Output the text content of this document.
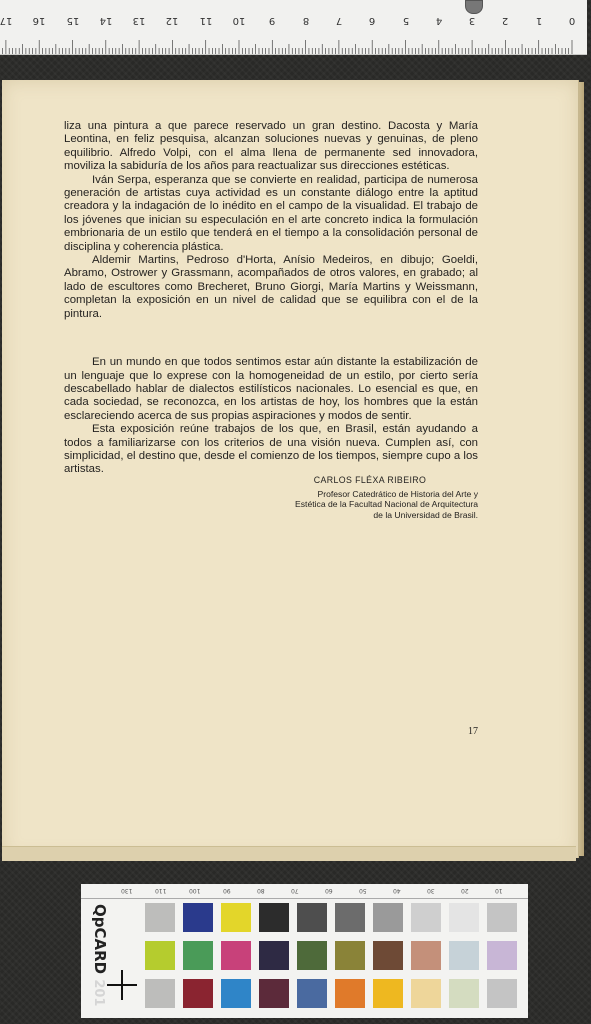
17	16	15	14	13	12	11	10	9	8	7	6	5	4	3	2	1	0

liza una pintura a que parece reservado un gran destino. Dacosta y María Leontina, en feliz pesquisa, alcanzan soluciones nuevas y genuinas, de pleno equilibrio. Alfredo Volpi, con el alma llena de permanente sed innovadora, moviliza la sabiduría de los años para reactualizar sus direcciones estéticas.

Iván Serpa, esperanza que se convierte en realidad, participa de numerosa generación de artistas cuya actividad es un constante diálogo entre la aptitud creadora y la indagación de lo inédito en el campo de la visualidad. El trabajo de los jóvenes que inician su especulación en el arte concreto indica la formulación embrionaria de un estilo que tenderá en el tiempo a la consolidación personal de disciplina y coherencia plástica.

Aldemir Martins, Pedroso d'Horta, Anísio Medeiros, en dibujo; Goeldi, Abramo, Ostrower y Grassmann, acompañados de otros valores, en grabado; al lado de escultores como Brecheret, Bruno Giorgi, María Martins y Weissmann, completan la exposición en un nivel de calidad que se equilibra con el de la pintura.

En un mundo en que todos sentimos estar aún distante la estabilización de un lenguaje que lo exprese con la homogeneidad de un estilo, por cierto sería descabellado hablar de dialectos estilísticos nacionales. Lo esencial es que, en cada sociedad, se reconozca, en los artistas de hoy, los hombres que la están esclareciendo acerca de sus propias aspiraciones y modos de sentir.

Esta exposición reúne trabajos de los que, en Brasil, están ayudando a todos a familiarizarse con los criterios de una visión nueva. Cumplen así, con simplicidad, el destino que, desde el comienzo de los tiempos, siempre cupo a los artistas.

CARLOS FLÉXA RIBEIRO
Profesor Catedrático de Historia del Arte y
Estética de la Facultad Nacional de Arquitectura
de la Universidad de Brasil.
17
130	110	100	90	80	70	60	50	40	30	20	10
QpCARD 201
